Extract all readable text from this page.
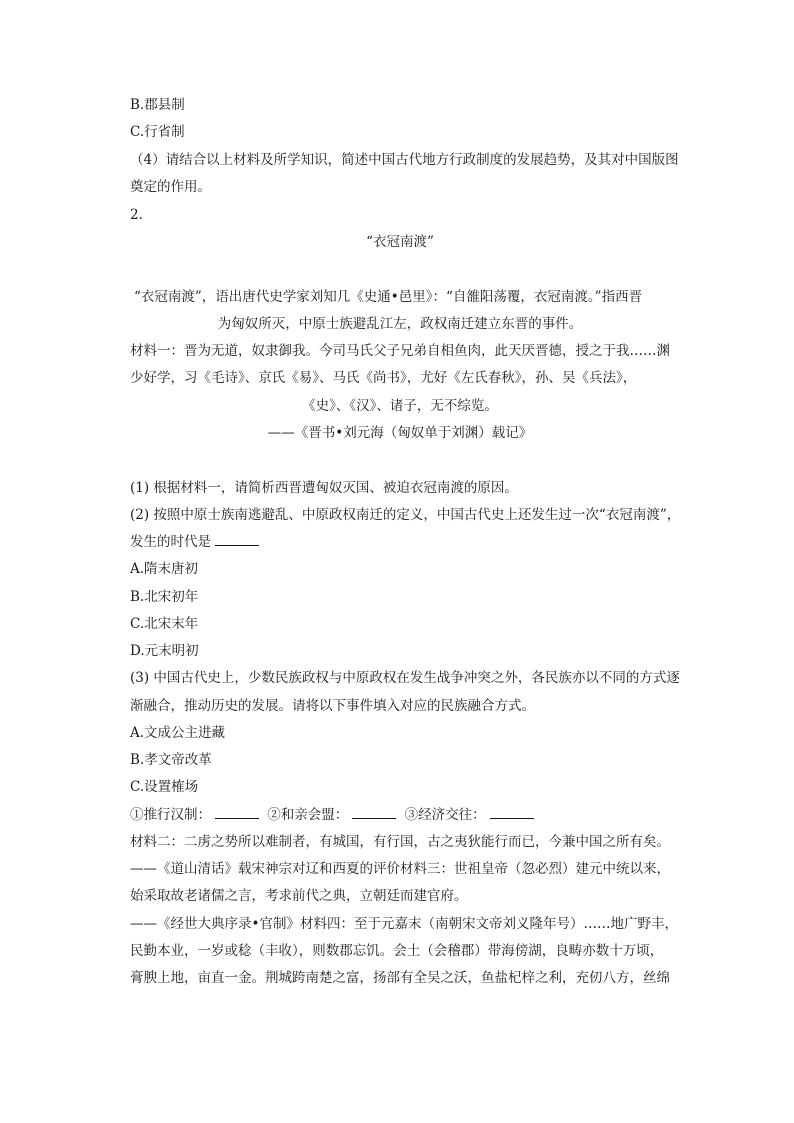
B.郡县制
C.行省制
（4）请结合以上材料及所学知识，简述中国古代地方行政制度的发展趋势，及其对中国版图
奠定的作用。
2.
“衣冠南渡”
“衣冠南渡”，语出唐代史学家刘知几《史通•邑里》：“自雒阳荡覆，衣冠南渡。”指西晋
为匈奴所灭，中原士族避乱江左，政权南迁建立东晋的事件。
材料一：晋为无道，奴隶御我。今司马氏父子兄弟自相鱼肉，此天厌晋德，授之于我……渊
少好学，习《毛诗》、京氏《易》、马氏《尚书》，尤好《左氏春秋》，孙、吴《兵法》，
《史》、《汉》、诸子，无不综览。
——《晋书•刘元海（匈奴单于刘渊）载记》
(1) 根据材料一，请简析西晋遭匈奴灭国、被迫衣冠南渡的原因。
(2) 按照中原士族南逃避乱、中原政权南迁的定义，中国古代史上还发生过一次“衣冠南渡”，
发生的时代是
A.隋末唐初
B.北宋初年
C.北宋末年
D.元末明初
(3) 中国古代史上，少数民族政权与中原政权在发生战争冲突之外，各民族亦以不同的方式逐
渐融合，推动历史的发展。请将以下事件填入对应的民族融合方式。
A.文成公主进藏
B.孝文帝改革
C.设置榷场
①推行汉制：	②和亲会盟：	③经济交往：
材料二：二虏之势所以难制者，有城国，有行国，古之夷狄能行而已，今兼中国之所有矣。
——《道山清话》载宋神宗对辽和西夏的评价材料三：世祖皇帝（忽必烈）建元中统以来，
始采取故老诸儒之言，考求前代之典，立朝廷而建官府。
——《经世大典序录•官制》材料四：至于元嘉末（南朝宋文帝刘义隆年号）……地广野丰，
民勤本业，一岁或稔（丰收），则数郡忘饥。会土（会稽郡）带海傍湖，良畴亦数十万顷，
膏腴上地，亩直一金。荆城跨南楚之富，扬部有全吴之沃，鱼盐杞梓之利，充仞八方，丝绵
